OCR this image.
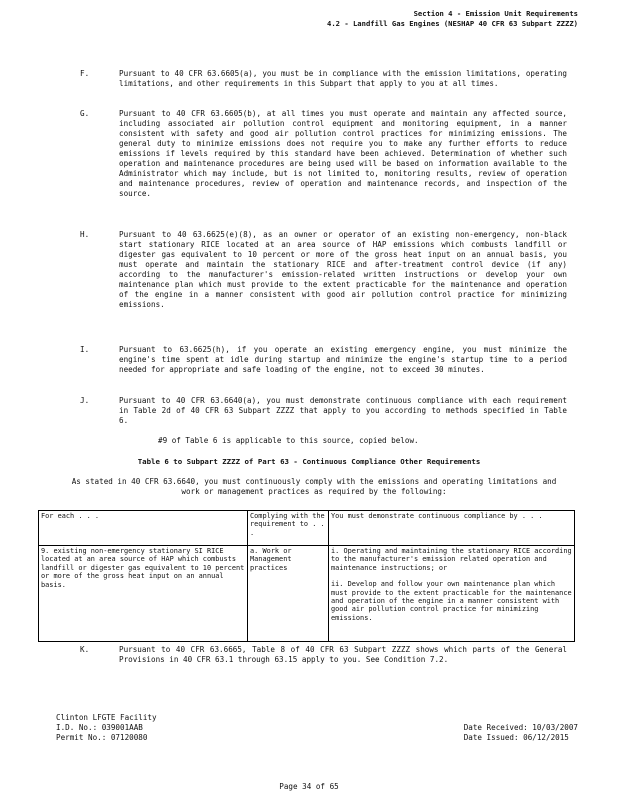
Section 4 - Emission Unit Requirements
4.2 - Landfill Gas Engines (NESHAP 40 CFR 63 Subpart ZZZZ)
F.	Pursuant to 40 CFR 63.6605(a), you must be in compliance with the emission limitations, operating limitations, and other requirements in this Subpart that apply to you at all times.
G.	Pursuant to 40 CFR 63.6605(b), at all times you must operate and maintain any affected source, including associated air pollution control equipment and monitoring equipment, in a manner consistent with safety and good air pollution control practices for minimizing emissions. The general duty to minimize emissions does not require you to make any further efforts to reduce emissions if levels required by this standard have been achieved. Determination of whether such operation and maintenance procedures are being used will be based on information available to the Administrator which may include, but is not limited to, monitoring results, review of operation and maintenance procedures, review of operation and maintenance records, and inspection of the source.
H.	Pursuant to 40 63.6625(e)(8), as an owner or operator of an existing non-emergency, non-black start stationary RICE located at an area source of HAP emissions which combusts landfill or digester gas equivalent to 10 percent or more of the gross heat input on an annual basis, you must operate and maintain the stationary RICE and after-treatment control device (if any) according to the manufacturer's emission-related written instructions or develop your own maintenance plan which must provide to the extent practicable for the maintenance and operation of the engine in a manner consistent with good air pollution control practice for minimizing emissions.
I.	Pursuant to 63.6625(h), if you operate an existing emergency engine, you must minimize the engine's time spent at idle during startup and minimize the engine's startup time to a period needed for appropriate and safe loading of the engine, not to exceed 30 minutes.
J.	Pursuant to 40 CFR 63.6640(a), you must demonstrate continuous compliance with each requirement in Table 2d of 40 CFR 63 Subpart ZZZZ that apply to you according to methods specified in Table 6.
#9 of Table 6 is applicable to this source, copied below.
Table 6 to Subpart ZZZZ of Part 63 - Continuous Compliance Other Requirements
As stated in 40 CFR 63.6640, you must continuously comply with the emissions and operating limitations and work or management practices as required by the following:
For each . . .	Complying with the requirement to . . .	You must demonstrate continuous compliance by . . .
9. existing non-emergency stationary SI RICE located at an area source of HAP which combusts landfill or digester gas equivalent to 10 percent or more of the gross heat input on an annual basis.	a. Work or Management practices	i. Operating and maintaining the stationary RICE according to the manufacturer's emission related operation and maintenance instructions; or
ii. Develop and follow your own maintenance plan which must provide to the extent practicable for the maintenance and operation of the engine in a manner consistent with good air pollution control practice for minimizing emissions.
K.	Pursuant to 40 CFR 63.6665, Table 8 of 40 CFR 63 Subpart ZZZZ shows which parts of the General Provisions in 40 CFR 63.1 through 63.15 apply to you. See Condition 7.2.
Clinton LFGTE Facility
I.D. No.: 039001AAB
Permit No.: 07120080
Date Received: 10/03/2007
Date Issued: 06/12/2015
Page 34 of 65
